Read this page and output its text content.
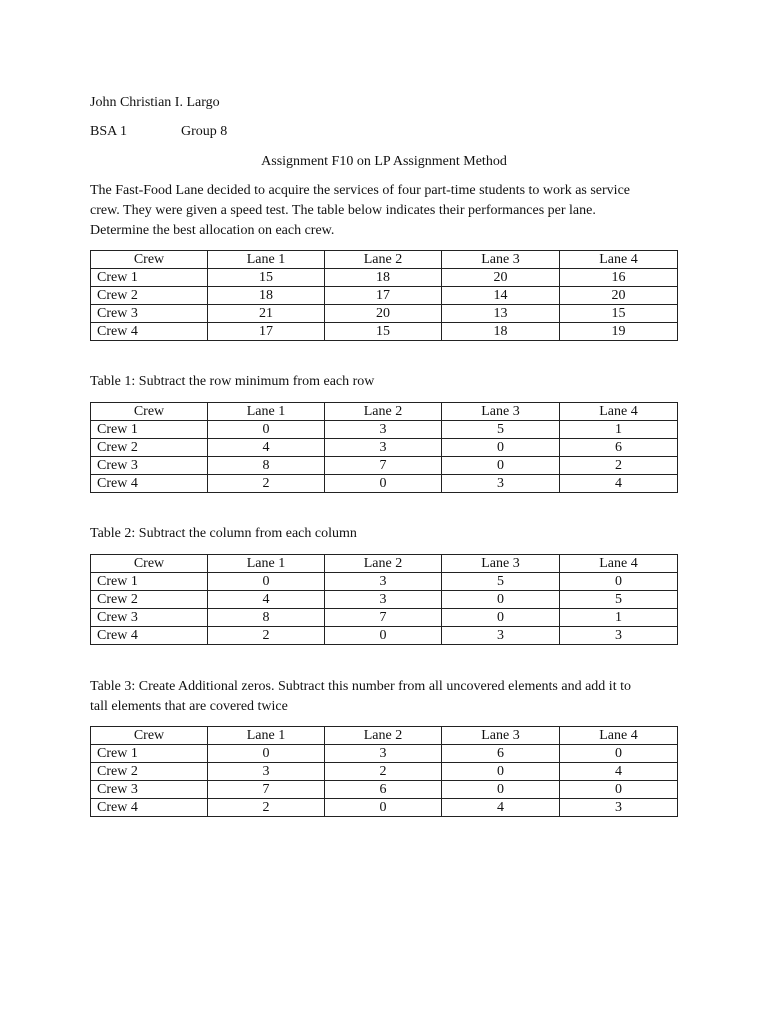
John Christian I. Largo
BSA 1	Group 8
Assignment F10 on LP Assignment Method
The Fast-Food Lane decided to acquire the services of four part-time students to work as service
crew. They were given a speed test. The table below indicates their performances per lane.
Determine the best allocation on each crew.
Crew	Lane 1	Lane 2	Lane 3	Lane 4
Crew 1	15	18	20	16
Crew 2	18	17	14	20
Crew 3	21	20	13	15
Crew 4	17	15	18	19
Table 1: Subtract the row minimum from each row
Crew	Lane 1	Lane 2	Lane 3	Lane 4
Crew 1	0	3	5	1
Crew 2	4	3	0	6
Crew 3	8	7	0	2
Crew 4	2	0	3	4
Table 2: Subtract the column from each column
Crew	Lane 1	Lane 2	Lane 3	Lane 4
Crew 1	0	3	5	0
Crew 2	4	3	0	5
Crew 3	8	7	0	1
Crew 4	2	0	3	3
Table 3: Create Additional zeros. Subtract this number from all uncovered elements and add it to
tall elements that are covered twice
Crew	Lane 1	Lane 2	Lane 3	Lane 4
Crew 1	0	3	6	0
Crew 2	3	2	0	4
Crew 3	7	6	0	0
Crew 4	2	0	4	3
